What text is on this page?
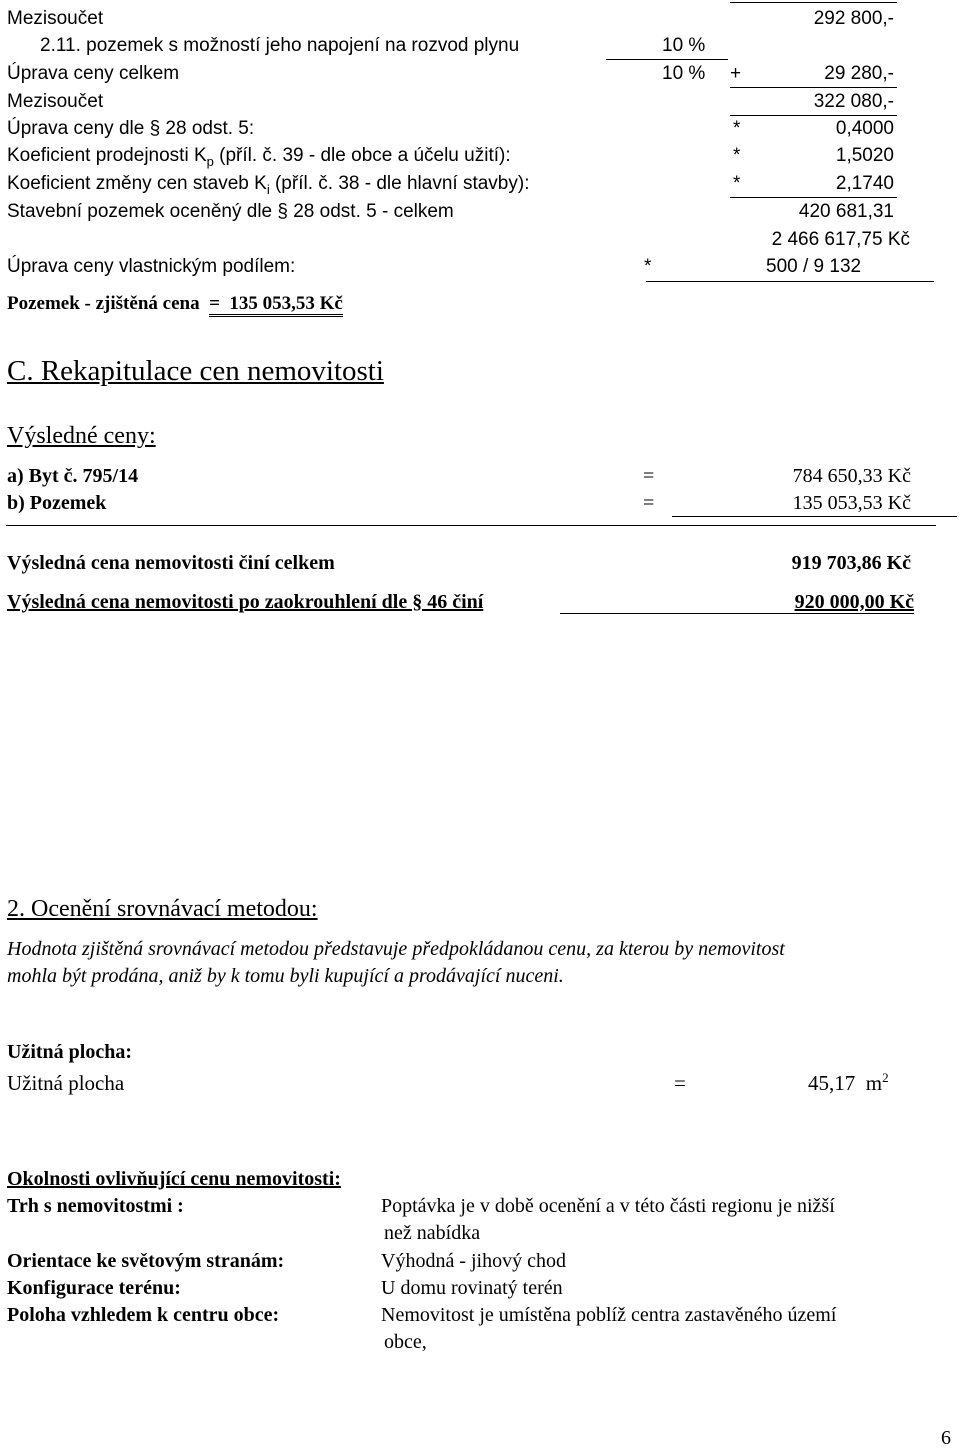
Mezisoučet	292 800,-
2.11. pozemek s možností jeho napojení na rozvod plynu	10 %
Úprava ceny celkem	10 % +	29 280,-
Mezisoučet	322 080,-
Úprava ceny dle § 28 odst. 5:	*	0,4000
Koeficient prodejnosti $K_p$ (příl. č. 39 - dle obce a účelu užití):	*	1,5020
Koeficient změny cen staveb $K_i$ (příl. č. 38 - dle hlavní stavby):	*	2,1740
Stavební pozemek oceněný dle § 28 odst. 5 - celkem	420 681,31
2 466 617,75 Kč
Úprava ceny vlastnickým podílem:	*	500 / 9 132
Pozemek - zjištěná cena = 135 053,53 Kč
C. Rekapitulace cen nemovitosti
Výsledné ceny:
a) Byt č. 795/14	=	784 650,33 Kč
b) Pozemek	=	135 053,53 Kč
Výsledná cena nemovitosti činí celkem	919 703,86 Kč
Výsledná cena nemovitosti po zaokrouhlení dle § 46 činí	920 000,00 Kč
2. Ocenění srovnávací metodou:
Hodnota zjištěná srovnávací metodou představuje předpokládanou cenu, za kterou by nemovitost
mohla být prodána, aniž by k tomu byli kupující a prodávající nuceni.
Užitná plocha:
Užitná plocha	=	45,17 $m^2$
Okolnosti ovlivňující cenu nemovitosti:
Trh s nemovitostmi :	Poptávka je v době ocenění a v této části regionu je nižší
než nabídka
Orientace ke světovým stranám:	Výhodná - jihový chod
Konfigurace terénu:	U domu rovinatý terén
Poloha vzhledem k centru obce:	Nemovitost je umístěna poblíž centra zastavěného území
obce,
6
